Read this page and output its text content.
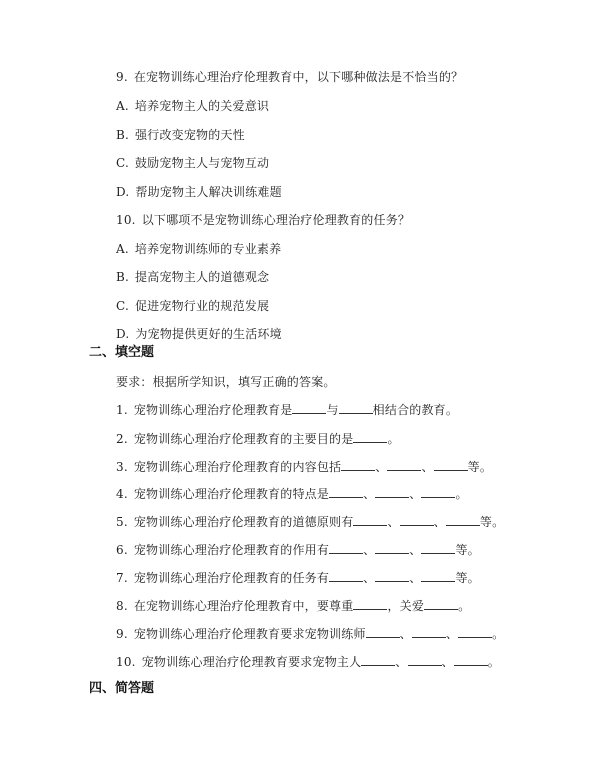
9. 在宠物训练心理治疗伦理教育中，以下哪种做法是不恰当的？
A. 培养宠物主人的关爱意识
B. 强行改变宠物的天性
C. 鼓励宠物主人与宠物互动
D. 帮助宠物主人解决训练难题
10. 以下哪项不是宠物训练心理治疗伦理教育的任务？
A. 培养宠物训练师的专业素养
B. 提高宠物主人的道德观念
C. 促进宠物行业的规范发展
D. 为宠物提供更好的生活环境
二、填空题
要求：根据所学知识，填写正确的答案。
1. 宠物训练心理治疗伦理教育是	与	相结合的教育。
2. 宠物训练心理治疗伦理教育的主要目的是	。
3. 宠物训练心理治疗伦理教育的内容包括	、	、	等。
4. 宠物训练心理治疗伦理教育的特点是	、	、	。
5. 宠物训练心理治疗伦理教育的道德原则有	、	、	等。
6. 宠物训练心理治疗伦理教育的作用有	、	、	等。
7. 宠物训练心理治疗伦理教育的任务有	、	、	等。
8. 在宠物训练心理治疗伦理教育中，要尊重	，关爱	。
9. 宠物训练心理治疗伦理教育要求宠物训练师	、	、	。
10. 宠物训练心理治疗伦理教育要求宠物主人	、	、	。
四、简答题
